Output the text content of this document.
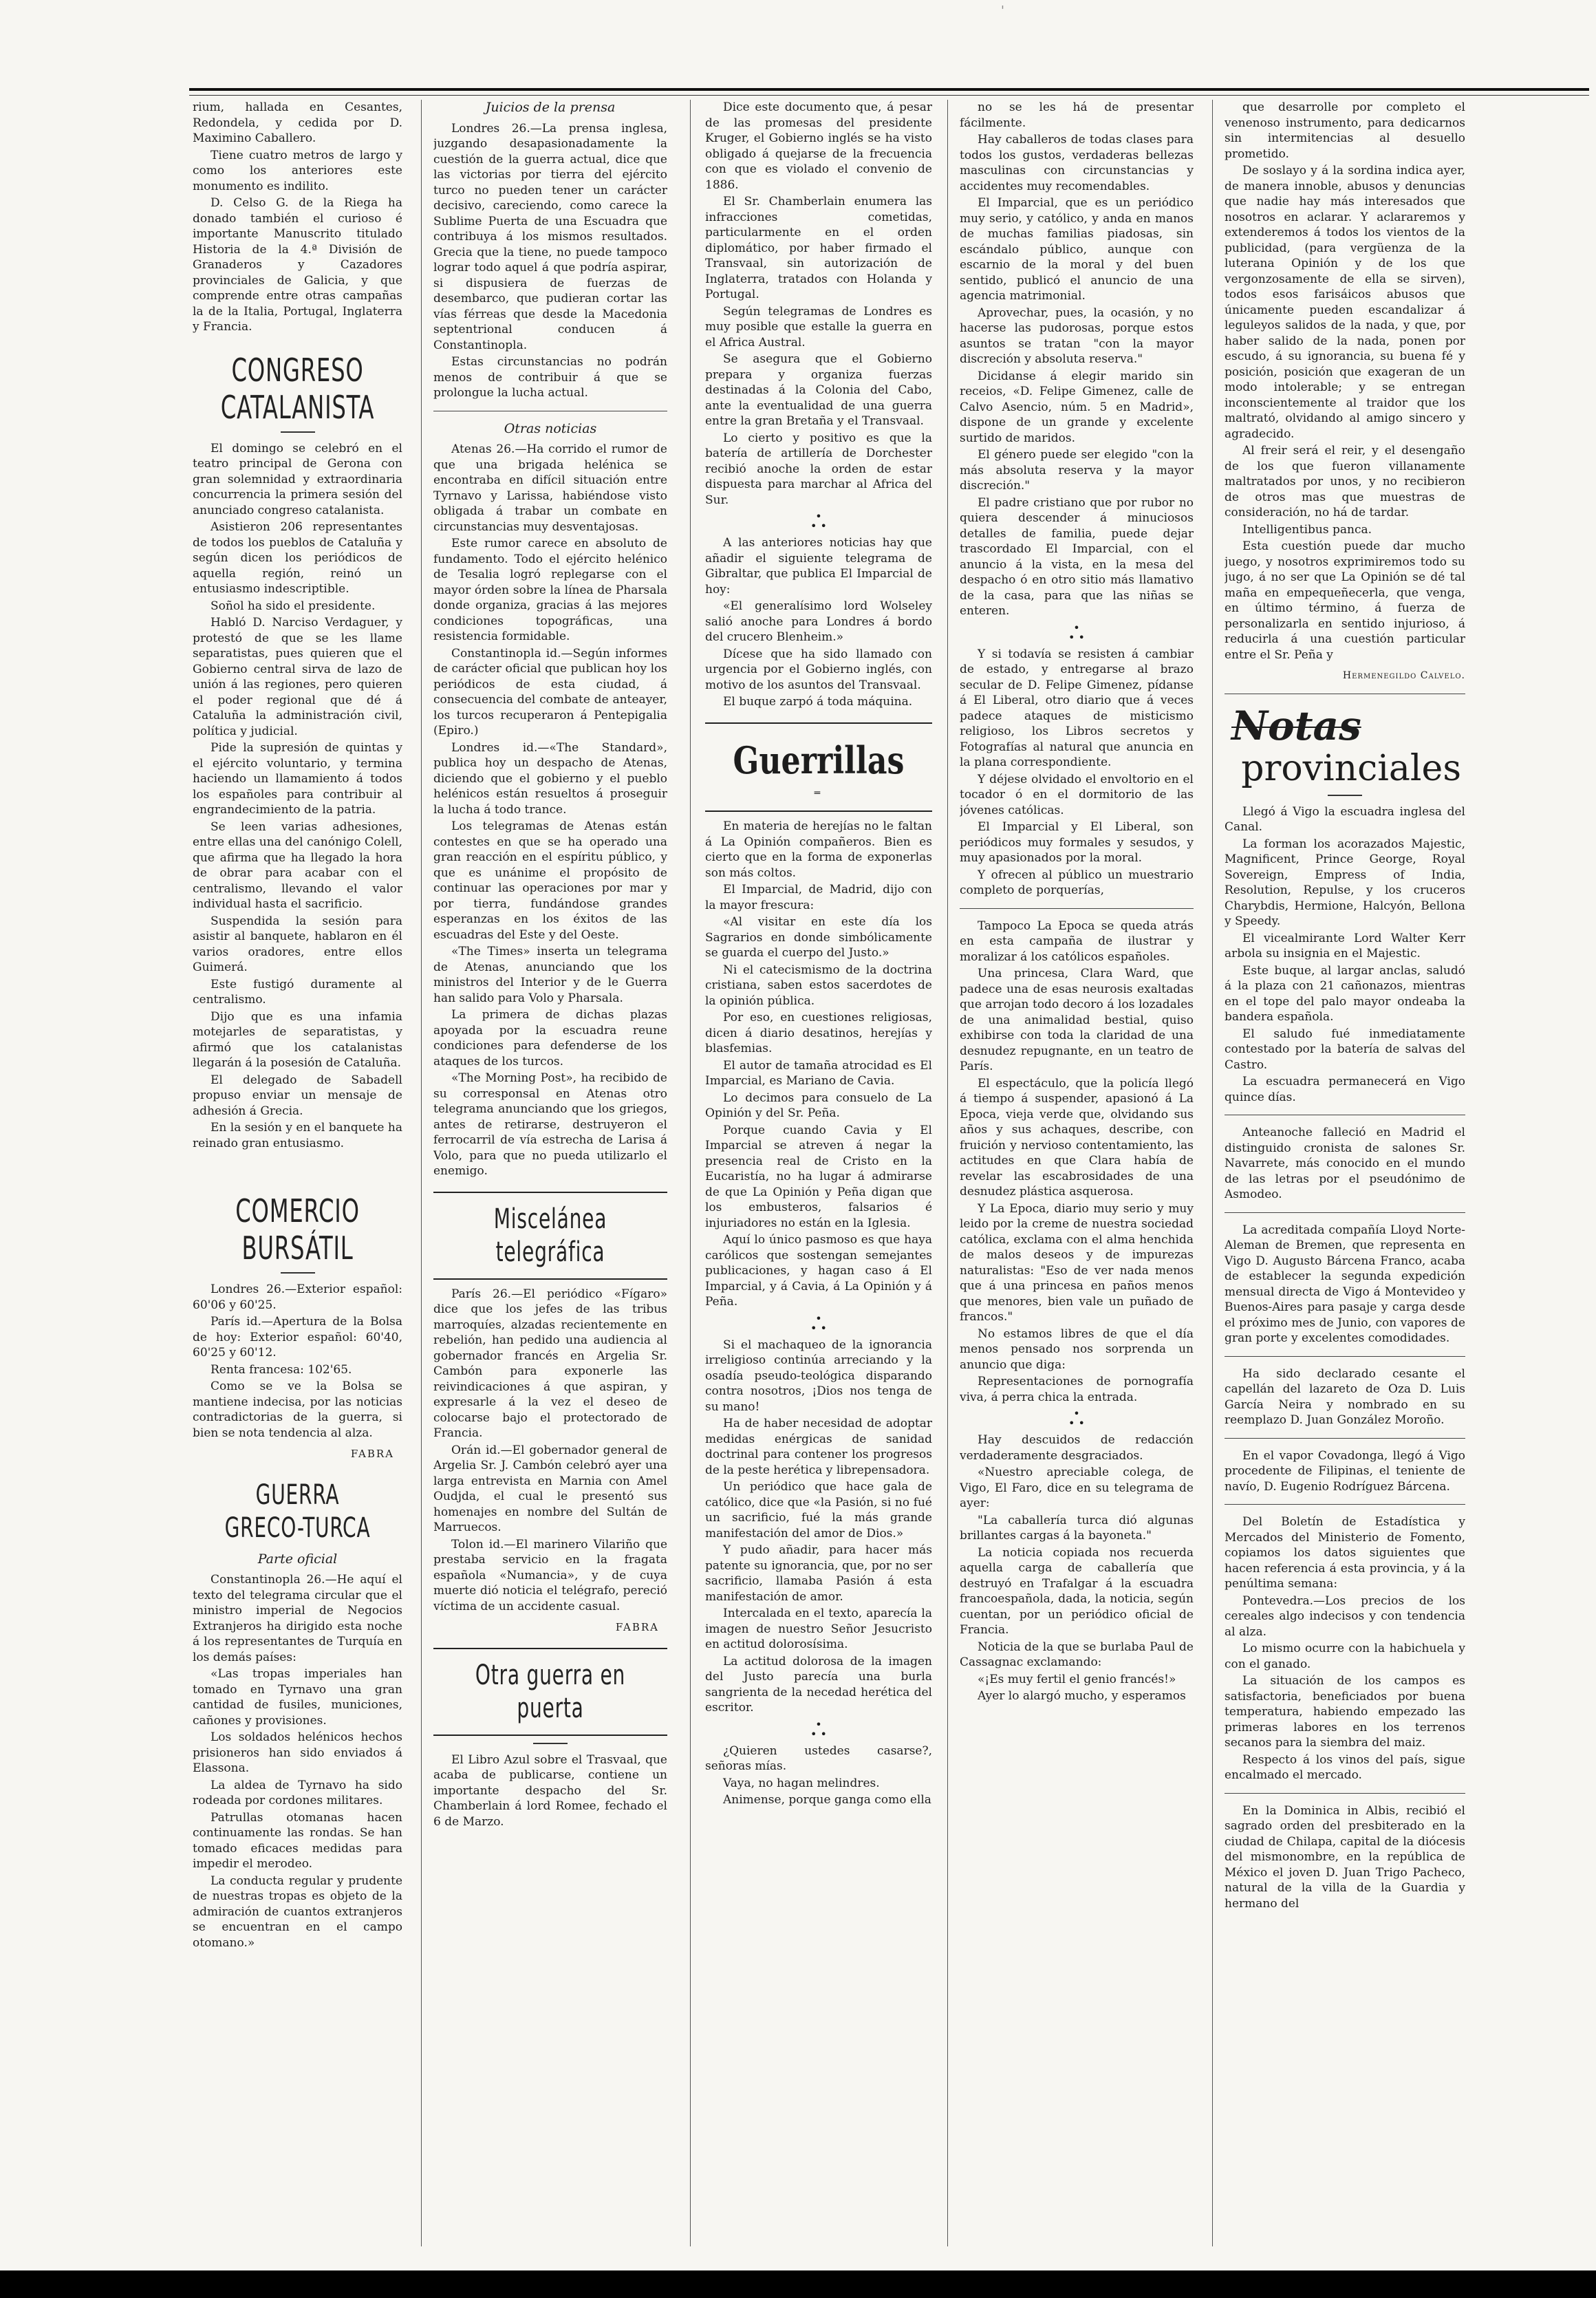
'

rium, hallada en Cesantes, Redondela, y cedida por D. Maximino Caballero.

Tiene cuatro metros de largo y como los anteriores este monumento es indilito.

D. Celso G. de la Riega ha donado también el curioso é importante Manuscrito titulado Historia de la 4.ª División de Granaderos y Cazadores provinciales de Galicia, y que comprende entre otras campañas la de la Italia, Portugal, Inglaterra y Francia.

CONGRESO CATALANISTA

El domingo se celebró en el teatro principal de Gerona con gran solemnidad y extraordinaria concurrencia la primera sesión del anunciado congreso catalanista.

Asistieron 206 representantes de todos los pueblos de Cataluña y según dicen los periódicos de aquella región, reinó un entusiasmo indescriptible.

Soñol ha sido el presidente.

Habló D. Narciso Verdaguer, y protestó de que se les llame separatistas, pues quieren que el Gobierno central sirva de lazo de unión á las regiones, pero quieren el poder regional que dé á Cataluña la administración civil, política y judicial.

Pide la supresión de quintas y el ejército voluntario, y termina haciendo un llamamiento á todos los españoles para contribuir al engrandecimiento de la patria.

Se leen varias adhesiones, entre ellas una del canónigo Colell, que afirma que ha llegado la hora de obrar para acabar con el centralismo, llevando el valor individual hasta el sacrificio.

Suspendida la sesión para asistir al banquete, hablaron en él varios oradores, entre ellos Guimerá.

Este fustigó duramente al centralismo.

Dijo que es una infamia motejarles de separatistas, y afirmó que los catalanistas llegarán á la posesión de Cataluña.

El delegado de Sabadell propuso enviar un mensaje de adhesión á Grecia.

En la sesión y en el banquete ha reinado gran entusiasmo.

COMERCIO BURSÁTIL

Londres 26.—Exterior español: 60'06 y 60'25.

París id.—Apertura de la Bolsa de hoy: Exterior español: 60'40, 60'25 y 60'12.

Renta francesa: 102'65.

Como se ve la Bolsa se mantiene indecisa, por las noticias contradictorias de la guerra, si bien se nota tendencia al alza.

FABRA
GUERRA GRECO-TURCA
Parte oficial

Constantinopla 26.—He aquí el texto del telegrama circular que el ministro imperial de Negocios Extranjeros ha dirigido esta noche á los representantes de Turquía en los demás países:

«Las tropas imperiales han tomado en Tyrnavo una gran cantidad de fusiles, municiones, cañones y provisiones.

Los soldados helénicos hechos prisioneros han sido enviados á Elassona.

La aldea de Tyrnavo ha sido rodeada por cordones militares.

Patrullas otomanas hacen continuamente las rondas. Se han tomado eficaces medidas para impedir el merodeo.

La conducta regular y prudente de nuestras tropas es objeto de la admiración de cuantos extranjeros se encuentran en el campo otomano.»

Juicios de la prensa

Londres 26.—La prensa inglesa, juzgando desapasionadamente la cuestión de la guerra actual, dice que las victorias por tierra del ejército turco no pueden tener un carácter decisivo, careciendo, como carece la Sublime Puerta de una Escuadra que contribuya á los mismos resultados. Grecia que la tiene, no puede tampoco lograr todo aquel á que podría aspirar, si dispusiera de fuerzas de desembarco, que pudieran cortar las vías férreas que desde la Macedonia septentrional conducen á Constantinopla.

Estas circunstancias no podrán menos de contribuir á que se prolongue la lucha actual.

Otras noticias

Atenas 26.—Ha corrido el rumor de que una brigada helénica se encontraba en difícil situación entre Tyrnavo y Larissa, habiéndose visto obligada á trabar un combate en circunstancias muy desventajosas.

Este rumor carece en absoluto de fundamento. Todo el ejército helénico de Tesalia logró replegarse con el mayor órden sobre la línea de Pharsala donde organiza, gracias á las mejores condiciones topográficas, una resistencia formidable.

Constantinopla id.—Según informes de carácter oficial que publican hoy los periódicos de esta ciudad, á consecuencia del combate de anteayer, los turcos recuperaron á Pentepigalia (Epiro.)

Londres id.—«The Standard», publica hoy un despacho de Atenas, diciendo que el gobierno y el pueblo helénicos están resueltos á proseguir la lucha á todo trance.

Los telegramas de Atenas están contestes en que se ha operado una gran reacción en el espíritu público, y que es unánime el propósito de continuar las operaciones por mar y por tierra, fundándose grandes esperanzas en los éxitos de las escuadras del Este y del Oeste.

«The Times» inserta un telegrama de Atenas, anunciando que los ministros del Interior y de le Guerra han salido para Volo y Pharsala.

La primera de dichas plazas apoyada por la escuadra reune condiciones para defenderse de los ataques de los turcos.

«The Morning Post», ha recibido de su corresponsal en Atenas otro telegrama anunciando que los griegos, antes de retirarse, destruyeron el ferrocarril de vía estrecha de Larisa á Volo, para que no pueda utilizarlo el enemigo.

Miscelánea telegráfica

París 26.—El periódico «Fígaro» dice que los jefes de las tribus marroquíes, alzadas recientemente en rebelión, han pedido una audiencia al gobernador francés en Argelia Sr. Cambón para exponerle las reivindicaciones á que aspiran, y expresarle á la vez el deseo de colocarse bajo el protectorado de Francia.

Orán id.—El gobernador general de Argelia Sr. J. Cambón celebró ayer una larga entrevista en Marnia con Amel Oudjda, el cual le presentó sus homenajes en nombre del Sultán de Marruecos.

Tolon id.—El marinero Vilariño que prestaba servicio en la fragata española «Numancia», y de cuya muerte dió noticia el telégrafo, pereció víctima de un accidente casual.

FABRA
Otra guerra en puerta

El Libro Azul sobre el Trasvaal, que acaba de publicarse, contiene un importante despacho del Sr. Chamberlain á lord Romee, fechado el 6 de Marzo.

Dice este documento que, á pesar de las promesas del presidente Kruger, el Gobierno inglés se ha visto obligado á quejarse de la frecuencia con que es violado el convenio de 1886.

El Sr. Chamberlain enumera las infracciones cometidas, particularmente en el orden diplomático, por haber firmado el Transvaal, sin autorización de Inglaterra, tratados con Holanda y Portugal.

Según telegramas de Londres es muy posible que estalle la guerra en el Africa Austral.

Se asegura que el Gobierno prepara y organiza fuerzas destinadas á la Colonia del Cabo, ante la eventualidad de una guerra entre la gran Bretaña y el Transvaal.

Lo cierto y positivo es que la batería de artillería de Dorchester recibió anoche la orden de estar dispuesta para marchar al Africa del Sur.

•
• •

A las anteriores noticias hay que añadir el siguiente telegrama de Gibraltar, que publica El Imparcial de hoy:

«El generalísimo lord Wolseley salió anoche para Londres á bordo del crucero Blenheim.»

Dícese que ha sido llamado con urgencia por el Gobierno inglés, con motivo de los asuntos del Transvaal.

El buque zarpó á toda máquina.

Guerrillas
═

En materia de herejías no le faltan á La Opinión compañeros. Bien es cierto que en la forma de exponerlas son más coltos.

El Imparcial, de Madrid, dijo con la mayor frescura:

«Al visitar en este día los Sagrarios en donde simbólicamente se guarda el cuerpo del Justo.»

Ni el catecismismo de la doctrina cristiana, saben estos sacerdotes de la opinión pública.

Por eso, en cuestiones religiosas, dicen á diario desatinos, herejías y blasfemias.

El autor de tamaña atrocidad es El Imparcial, es Mariano de Cavia.

Lo decimos para consuelo de La Opinión y del Sr. Peña.

Porque cuando Cavia y El Imparcial se atreven á negar la presencia real de Cristo en la Eucaristía, no ha lugar á admirarse de que La Opinión y Peña digan que los embusteros, falsarios é injuriadores no están en la Iglesia.

Aquí lo único pasmoso es que haya carólicos que sostengan semejantes publicaciones, y hagan caso á El Imparcial, y á Cavia, á La Opinión y á Peña.

•
• •

Si el machaqueo de la ignorancia irreligioso continúa arreciando y la osadía pseudo-teológica disparando contra nosotros, ¡Dios nos tenga de su mano!

Ha de haber necesidad de adoptar medidas enérgicas de sanidad doctrinal para contener los progresos de la peste herética y librepensadora.

Un periódico que hace gala de católico, dice que «la Pasión, si no fué un sacrificio, fué la más grande manifestación del amor de Dios.»

Y pudo añadir, para hacer más patente su ignorancia, que, por no ser sacrificio, llamaba Pasión á esta manifestación de amor.

Intercalada en el texto, aparecía la imagen de nuestro Señor Jesucristo en actitud dolorosísima.

La actitud dolorosa de la imagen del Justo parecía una burla sangrienta de la necedad herética del escritor.

•
• •

¿Quieren ustedes casarse?, señoras mías.

Vaya, no hagan melindres.

Animense, porque ganga como ella

no se les há de presentar fácilmente.

Hay caballeros de todas clases para todos los gustos, verdaderas bellezas masculinas con circunstancias y accidentes muy recomendables.

El Imparcial, que es un periódico muy serio, y católico, y anda en manos de muchas familias piadosas, sin escándalo público, aunque con escarnio de la moral y del buen sentido, publicó el anuncio de una agencia matrimonial.

Aprovechar, pues, la ocasión, y no hacerse las pudorosas, porque estos asuntos se tratan "con la mayor discreción y absoluta reserva."

Dicidanse á elegir marido sin receios, «D. Felipe Gimenez, calle de Calvo Asencio, núm. 5 en Madrid», dispone de un grande y excelente surtido de maridos.

El género puede ser elegido "con la más absoluta reserva y la mayor discreción."

El padre cristiano que por rubor no quiera descender á minuciosos detalles de familia, puede dejar trascordado El Imparcial, con el anuncio á la vista, en la mesa del despacho ó en otro sitio más llamativo de la casa, para que las niñas se enteren.

•
• •

Y si todavía se resisten á cambiar de estado, y entregarse al brazo secular de D. Felipe Gimenez, pídanse á El Liberal, otro diario que á veces padece ataques de misticismo religioso, los Libros secretos y Fotografías al natural que anuncia en la plana correspondiente.

Y déjese olvidado el envoltorio en el tocador ó en el dormitorio de las jóvenes católicas.

El Imparcial y El Liberal, son periódicos muy formales y sesudos, y muy apasionados por la moral.

Y ofrecen al público un muestrario completo de porquerías,

Tampoco La Epoca se queda atrás en esta campaña de ilustrar y moralizar á los católicos españoles.

Una princesa, Clara Ward, que padece una de esas neurosis exaltadas que arrojan todo decoro á los lozadales de una animalidad bestial, quiso exhibirse con toda la claridad de una desnudez repugnante, en un teatro de París.

El espectáculo, que la policía llegó á tiempo á suspender, apasionó á La Epoca, vieja verde que, olvidando sus años y sus achaques, describe, con fruición y nervioso contentamiento, las actitudes en que Clara había de revelar las escabrosidades de una desnudez plástica asquerosa.

Y La Epoca, diario muy serio y muy leido por la creme de nuestra sociedad católica, exclama con el alma henchida de malos deseos y de impurezas naturalistas: "Eso de ver nada menos que á una princesa en paños menos que menores, bien vale un puñado de francos."

No estamos libres de que el día menos pensado nos sorprenda un anuncio que diga:

Representaciones de pornografía viva, á perra chica la entrada.

•
• •

Hay descuidos de redacción verdaderamente desgraciados.

«Nuestro apreciable colega, de Vigo, El Faro, dice en su telegrama de ayer:

"La caballería turca dió algunas brillantes cargas á la bayoneta."

La noticia copiada nos recuerda aquella carga de caballería que destruyó en Trafalgar á la escuadra francoespañola, dada, la noticia, según cuentan, por un periódico oficial de Francia.

Noticia de la que se burlaba Paul de Cassagnac exclamando:

«¡Es muy fertil el genio francés!»

Ayer lo alargó mucho, y esperamos

que desarrolle por completo el venenoso instrumento, para dedicarnos sin intermitencias al desuello prometido.

De soslayo y á la sordina indica ayer, de manera innoble, abusos y denuncias que nadie hay más interesados que nosotros en aclarar. Y aclararemos y extenderemos á todos los vientos de la publicidad, (para vergüenza de la luterana Opinión y de los que vergonzosamente de ella se sirven), todos esos farisáicos abusos que únicamente pueden escandalizar á leguleyos salidos de la nada, y que, por haber salido de la nada, ponen por escudo, á su ignorancia, su buena fé y posición, posición que exageran de un modo intolerable; y se entregan inconscientemente al traidor que los maltrató, olvidando al amigo sincero y agradecido.

Al freir será el reir, y el desengaño de los que fueron villanamente maltratados por unos, y no recibieron de otros mas que muestras de consideración, no há de tardar.

Intelligentibus panca.

Esta cuestión puede dar mucho juego, y nosotros exprimiremos todo su jugo, á no ser que La Opinión se dé tal maña en empequeñecerla, que venga, en último término, á fuerza de personalizarla en sentido injurioso, á reducirla á una cuestión particular entre el Sr. Peña y

Hermenegildo Calvelo.
Notas
provinciales

Llegó á Vigo la escuadra inglesa del Canal.

La forman los acorazados Majestic, Magnificent, Prince George, Royal Sovereign, Empress of India, Resolution, Repulse, y los cruceros Charybdis, Hermione, Halcyón, Bellona y Speedy.

El vicealmirante Lord Walter Kerr arbola su insignia en el Majestic.

Este buque, al largar anclas, saludó á la plaza con 21 cañonazos, mientras en el tope del palo mayor ondeaba la bandera española.

El saludo fué inmediatamente contestado por la batería de salvas del Castro.

La escuadra permanecerá en Vigo quince días.

Anteanoche falleció en Madrid el distinguido cronista de salones Sr. Navarrete, más conocido en el mundo de las letras por el pseudónimo de Asmodeo.

La acreditada compañía Lloyd Norte-Aleman de Bremen, que representa en Vigo D. Augusto Bárcena Franco, acaba de establecer la segunda expedición mensual directa de Vigo á Montevideo y Buenos-Aires para pasaje y carga desde el próximo mes de Junio, con vapores de gran porte y excelentes comodidades.

Ha sido declarado cesante el capellán del lazareto de Oza D. Luis García Neira y nombrado en su reemplazo D. Juan González Moroño.

En el vapor Covadonga, llegó á Vigo procedente de Filipinas, el teniente de navío, D. Eugenio Rodríguez Bárcena.

Del Boletín de Estadística y Mercados del Ministerio de Fomento, copiamos los datos siguientes que hacen referencia á esta provincia, y á la penúltima semana:

Pontevedra.—Los precios de los cereales algo indecisos y con tendencia al alza.

Lo mismo ocurre con la habichuela y con el ganado.

La situación de los campos es satisfactoria, beneficiados por buena temperatura, habiendo empezado las primeras labores en los terrenos secanos para la siembra del maiz.

Respecto á los vinos del país, sigue encalmado el mercado.

En la Dominica in Albis, recibió el sagrado orden del presbiterado en la ciudad de Chilapa, capital de la diócesis del mismonombre, en la república de México el joven D. Juan Trigo Pacheco, natural de la villa de la Guardia y hermano del
